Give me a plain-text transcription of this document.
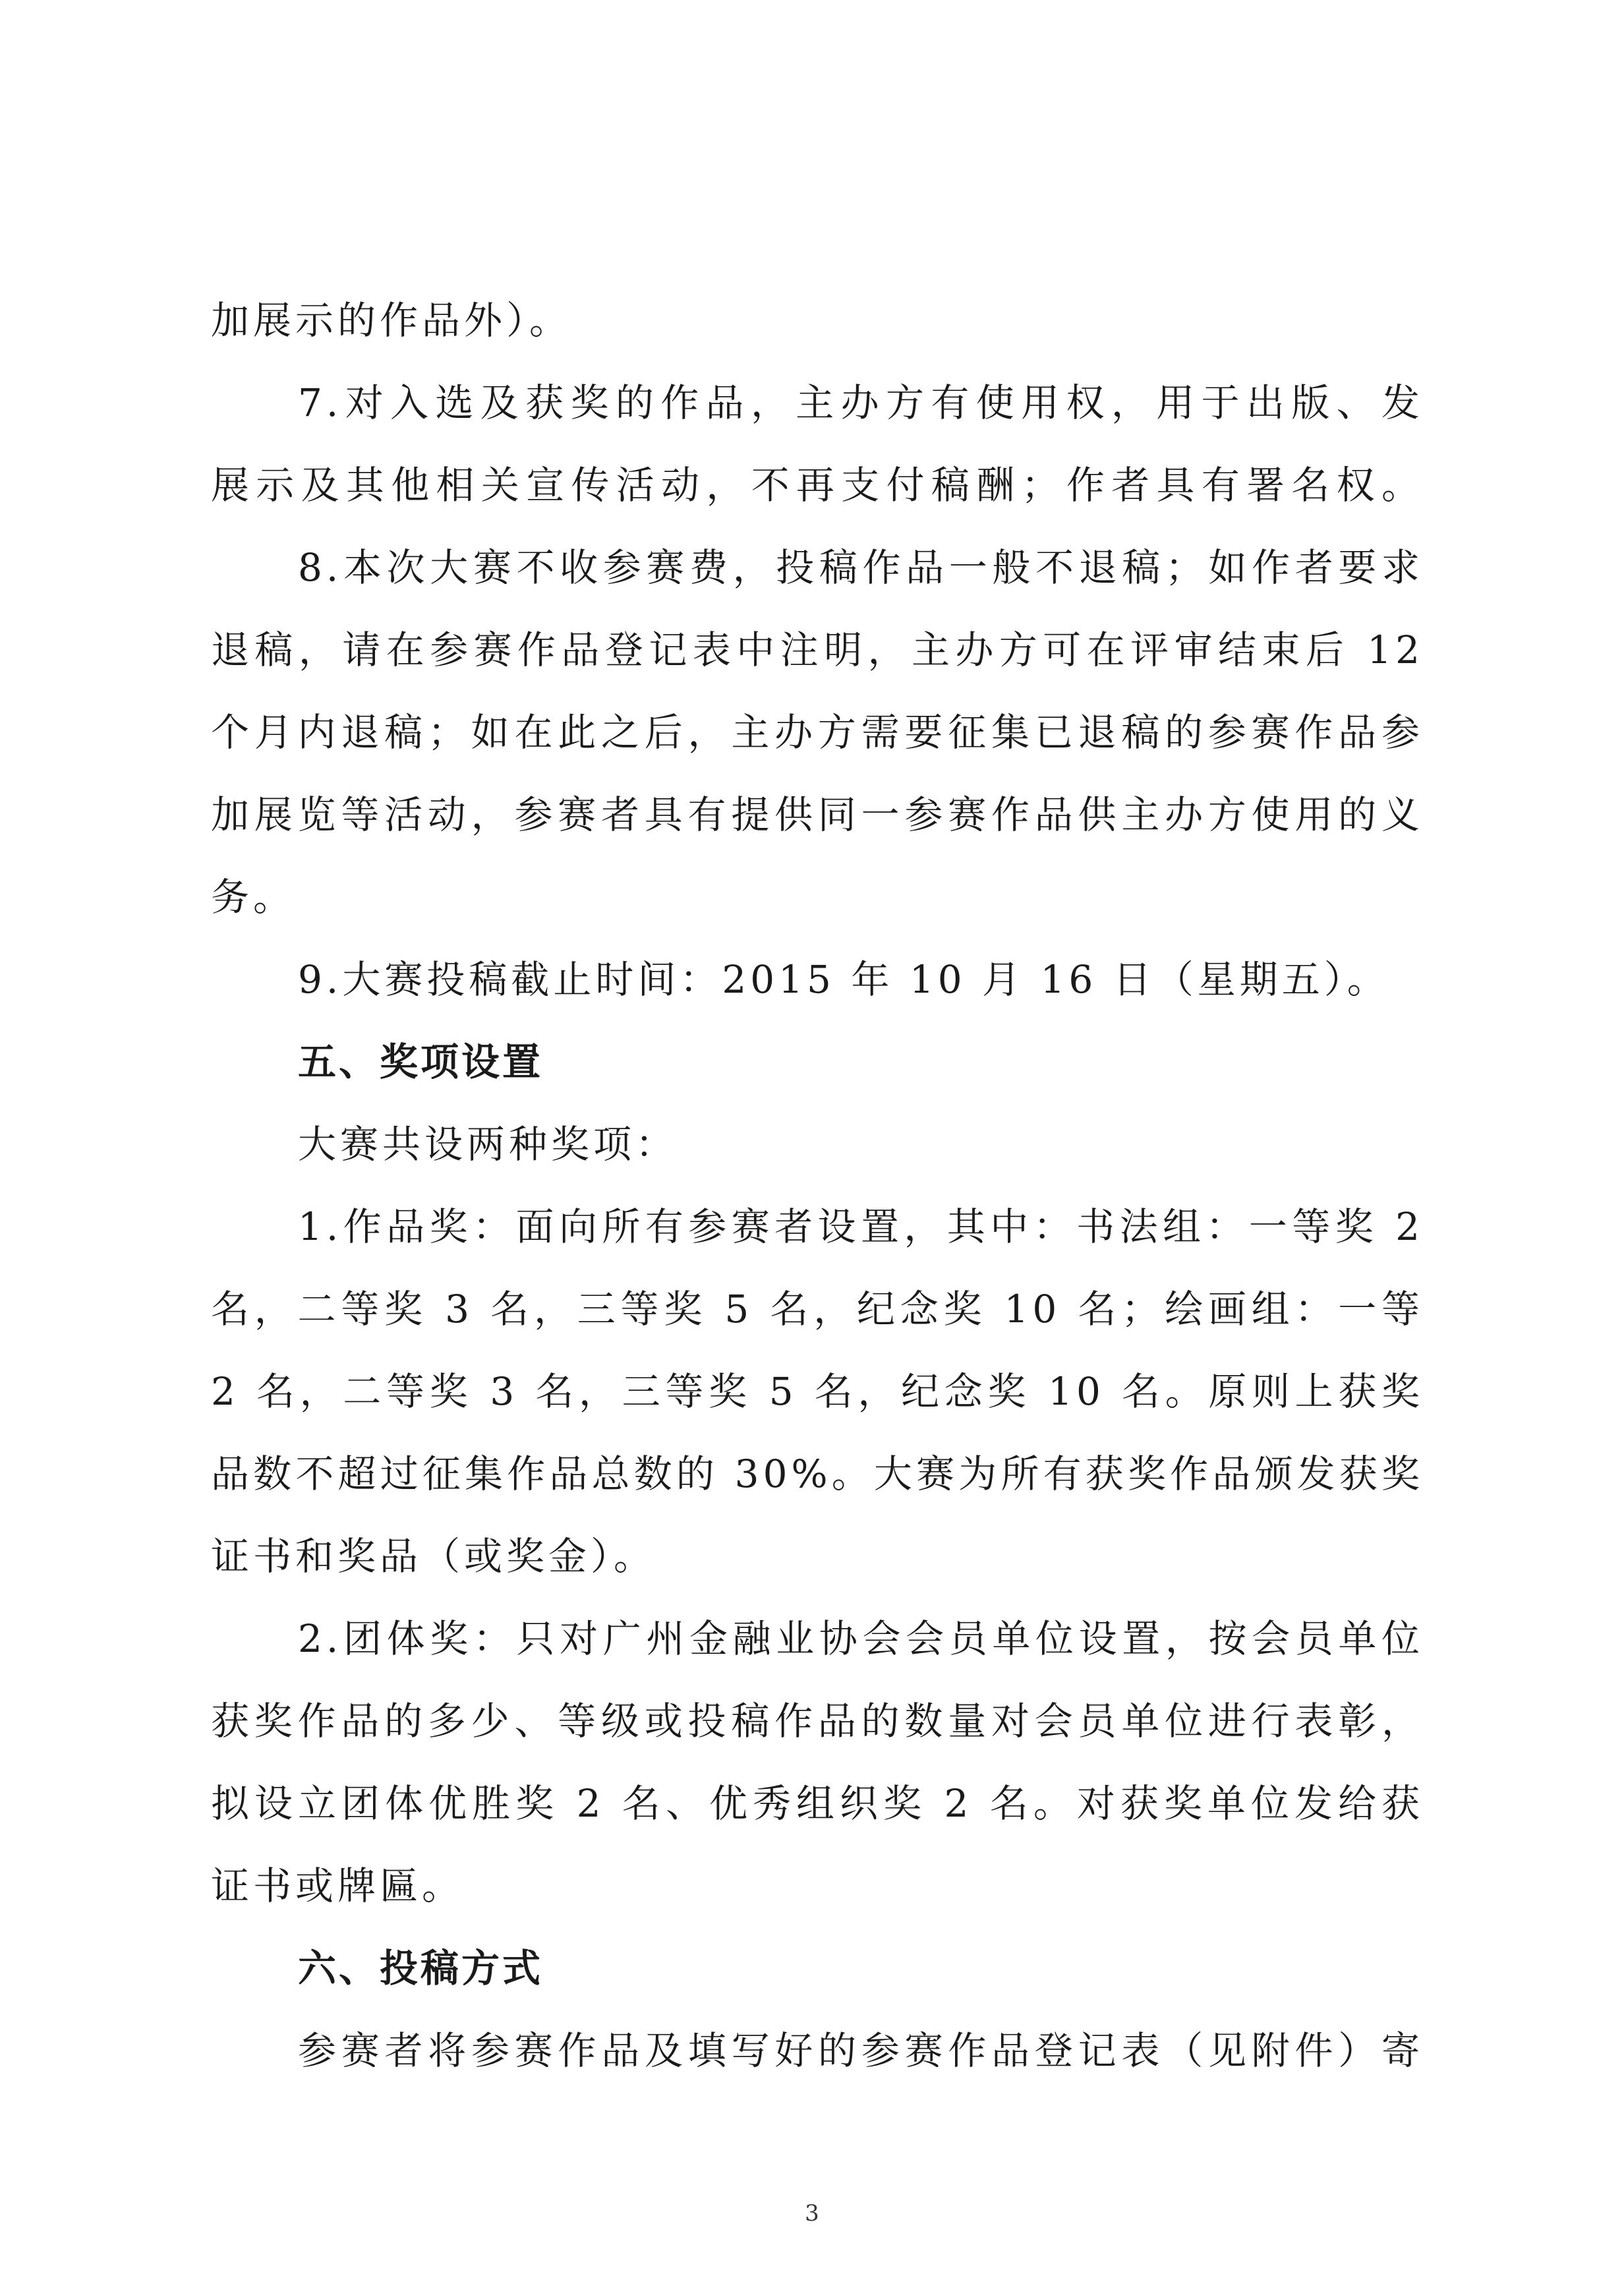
加展示的作品外）。
7.对入选及获奖的作品，主办方有使用权，用于出版、发
展示及其他相关宣传活动，不再支付稿酬；作者具有署名权。
8.本次大赛不收参赛费，投稿作品一般不退稿；如作者要求
退稿，请在参赛作品登记表中注明，主办方可在评审结束后 12
个月内退稿；如在此之后，主办方需要征集已退稿的参赛作品参
加展览等活动，参赛者具有提供同一参赛作品供主办方使用的义
务。
9.大赛投稿截止时间：2015 年 10 月 16 日（星期五）。
五、奖项设置
大赛共设两种奖项：
1.作品奖：面向所有参赛者设置，其中：书法组：一等奖 2
名，二等奖 3 名，三等奖 5 名，纪念奖 10 名；绘画组：一等
2 名，二等奖 3 名，三等奖 5 名，纪念奖 10 名。原则上获奖
品数不超过征集作品总数的 30%。大赛为所有获奖作品颁发获奖
证书和奖品（或奖金）。
2.团体奖：只对广州金融业协会会员单位设置，按会员单位
获奖作品的多少、等级或投稿作品的数量对会员单位进行表彰，
拟设立团体优胜奖 2 名、优秀组织奖 2 名。对获奖单位发给获
证书或牌匾。
六、投稿方式
参赛者将参赛作品及填写好的参赛作品登记表（见附件）寄
3
